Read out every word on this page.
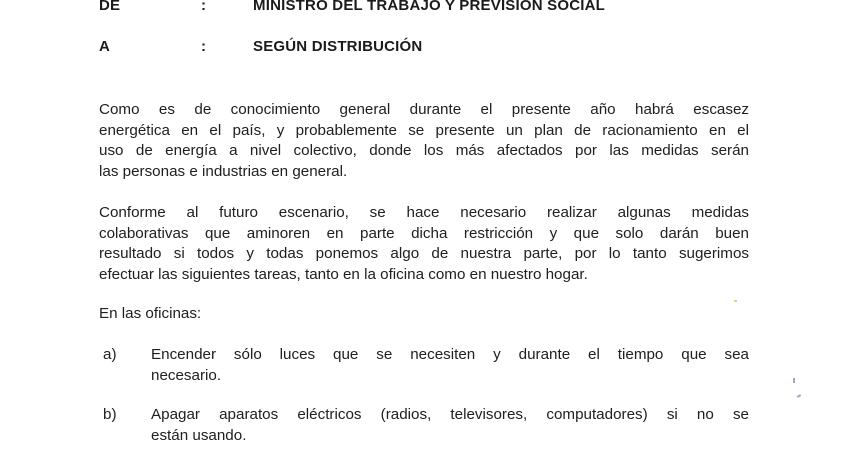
DE	:	MINISTRO DEL TRABAJO Y PREVISION SOCIAL
A	:	SEGÚN DISTRIBUCIÓN
Como es de conocimiento general durante el presente año habrá escasez
energética en el país, y probablemente se presente un plan de racionamiento en el
uso de energía a nivel colectivo, donde los más afectados por las medidas serán
las personas e industrias en general.
Conforme al futuro escenario, se hace necesario realizar algunas medidas
colaborativas que aminoren en parte dicha restricción y que solo darán buen
resultado si todos y todas ponemos algo de nuestra parte, por lo tanto sugerimos
efectuar las siguientes tareas, tanto en la oficina como en nuestro hogar.
En las oficinas:
a) Encender sólo luces que se necesiten y durante el tiempo que sea
necesario.
b) Apagar aparatos eléctricos (radios, televisores, computadores) si no se
están usando.
